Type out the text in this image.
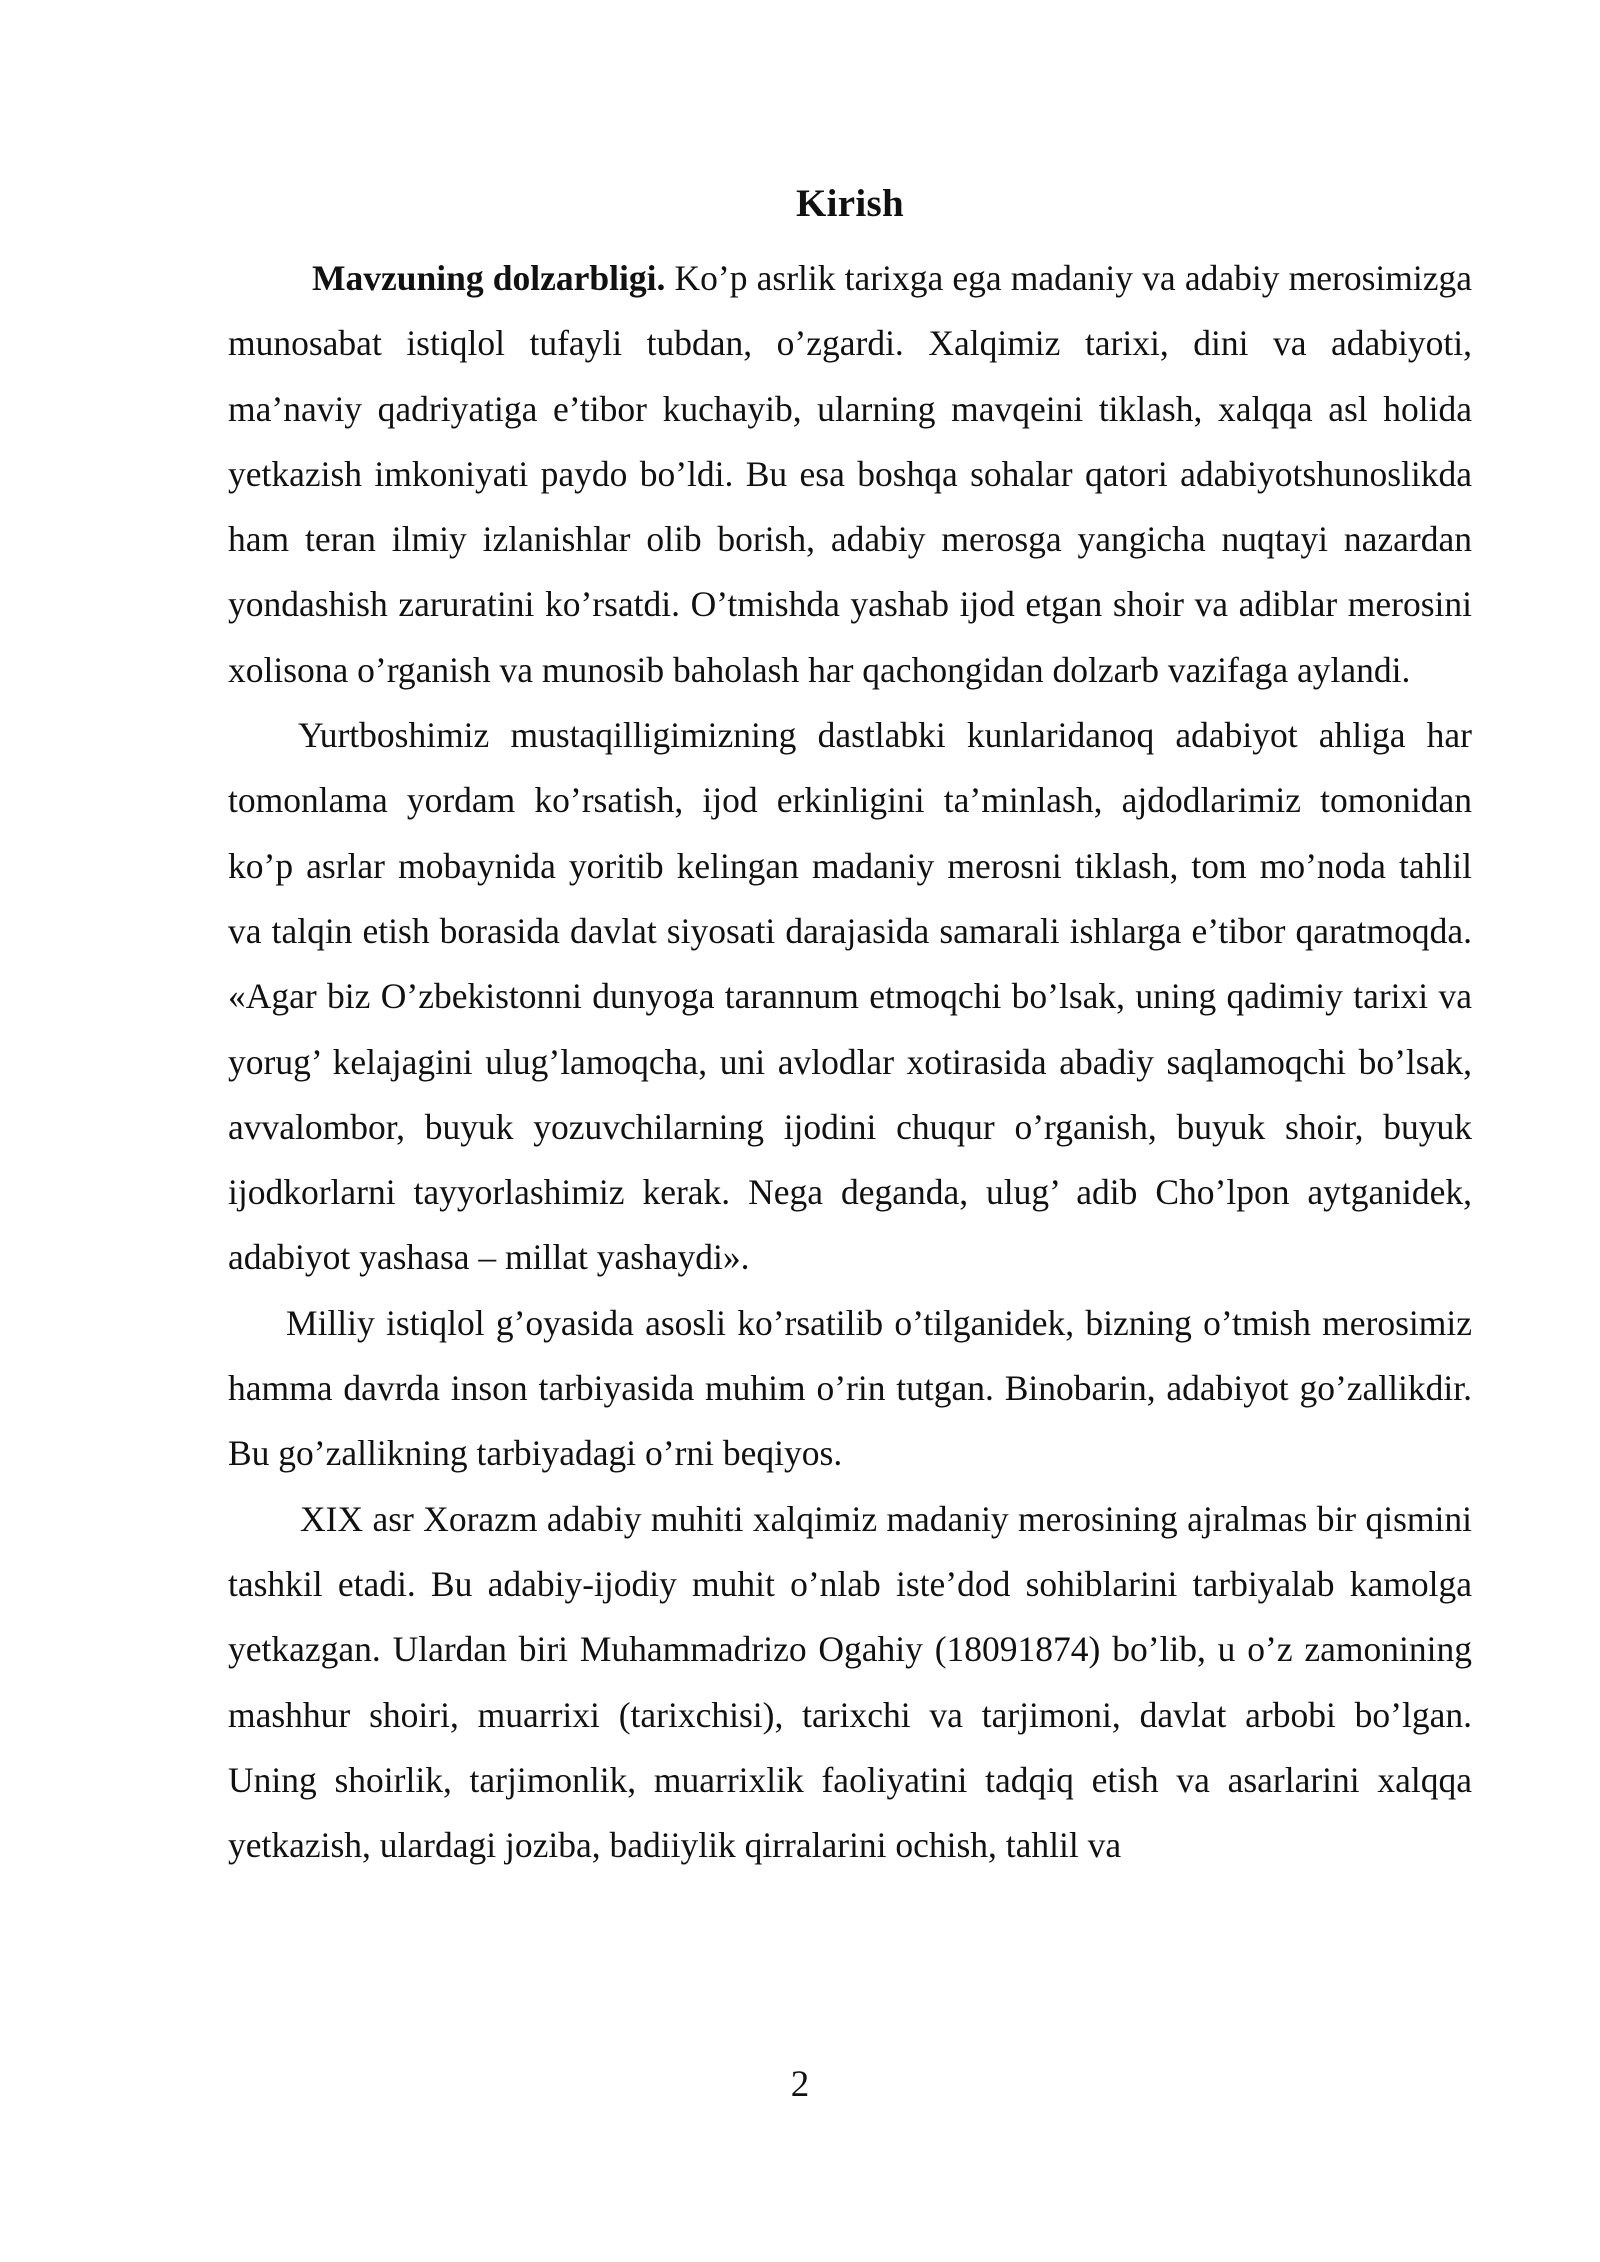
Kirish

Mavzuning dolzarbligi. Ko’p asrlik tarixga ega madaniy va adabiy merosimizga munosabat istiqlol tufayli tubdan, o’zgardi. Xalqimiz tarixi, dini va adabiyoti, ma’naviy qadriyatiga e’tibor kuchayib, ularning mavqeini tiklash, xalqqa asl holida yetkazish imkoniyati paydo bo’ldi. Bu esa boshqa sohalar qatori adabiyotshunoslikda ham teran ilmiy izlanishlar olib borish, adabiy merosga yangicha nuqtayi nazardan yondashish zaruratini ko’rsatdi. O’tmishda yashab ijod etgan shoir va adiblar merosini xolisona o’rganish va munosib baholash har qachongidan dolzarb vazifaga aylandi.

Yurtboshimiz mustaqilligimizning dastlabki kunlaridanoq adabiyot ahliga har tomonlama yordam ko’rsatish, ijod erkinligini ta’minlash, ajdodlarimiz tomonidan ko’p asrlar mobaynida yoritib kelingan madaniy merosni tiklash, tom mo’noda tahlil va talqin etish borasida davlat siyosati darajasida samarali ishlarga e’tibor qaratmoqda. «Agar biz O’zbekistonni dunyoga tarannum etmoqchi bo’lsak, uning qadimiy tarixi va yorug’ kelajagini ulug’lamoqcha, uni avlodlar xotirasida abadiy saqlamoqchi bo’lsak, avvalombor, buyuk yozuvchilarning ijodini chuqur o’rganish, buyuk shoir, buyuk ijodkorlarni tayyorlashimiz kerak. Nega deganda, ulug’ adib Cho’lpon aytganidek, adabiyot yashasa – millat yashaydi».

Milliy istiqlol g’oyasida asosli ko’rsatilib o’tilganidek, bizning o’tmish merosimiz hamma davrda inson tarbiyasida muhim o’rin tutgan. Binobarin, adabiyot go’zallikdir. Bu go’zallikning tarbiyadagi o’rni beqiyos.

XIX asr Xorazm adabiy muhiti xalqimiz madaniy merosining ajralmas bir qismini tashkil etadi. Bu adabiy-ijodiy muhit o’nlab iste’dod sohiblarini tarbiyalab kamolga yetkazgan. Ulardan biri Muhammadrizo Ogahiy (18091874) bo’lib, u o’z zamonining mashhur shoiri, muarrixi (tarixchisi), tarixchi va tarjimoni, davlat arbobi bo’lgan. Uning shoirlik, tarjimonlik, muarrixlik faoliyatini tadqiq etish va asarlarini xalqqa yetkazish, ulardagi joziba, badiiylik qirralarini ochish, tahlil va

2
